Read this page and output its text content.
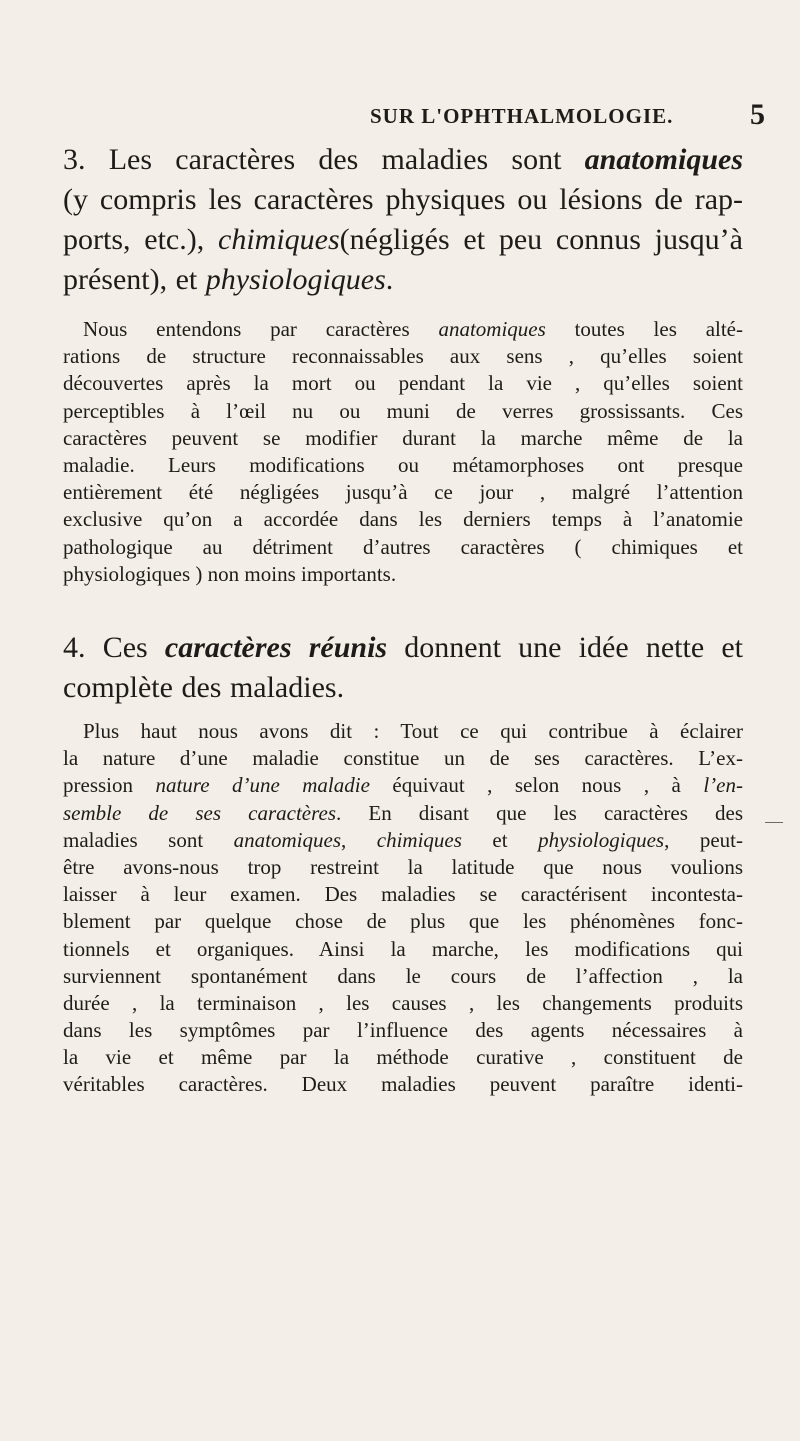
SUR L'OPHTHALMOLOGIE.	5
3. Les caractères des maladies sont anatomiques
(y compris les caractères physiques ou lésions de rap-
ports, etc.), chimiques(négligés et peu connus jusqu’à
présent), et physiologiques.
Nous entendons par caractères anatomiques toutes les alté-
rations de structure reconnaissables aux sens , qu’elles soient
découvertes après la mort ou pendant la vie , qu’elles soient
perceptibles à l’œil nu ou muni de verres grossissants. Ces
caractères peuvent se modifier durant la marche même de la
maladie. Leurs modifications ou métamorphoses ont presque
entièrement été négligées jusqu’à ce jour , malgré l’attention
exclusive qu’on a accordée dans les derniers temps à l’anatomie
pathologique au détriment d’autres caractères ( chimiques et
physiologiques ) non moins importants.
4. Ces caractères réunis donnent une idée nette et
complète des maladies.
Plus haut nous avons dit : Tout ce qui contribue à éclairer
la nature d’une maladie constitue un de ses caractères. L’ex-
pression nature d’une maladie équivaut , selon nous , à l’en-
semble de ses caractères. En disant que les caractères des
maladies sont anatomiques, chimiques et physiologiques, peut-
être avons-nous trop restreint la latitude que nous voulions
laisser à leur examen. Des maladies se caractérisent incontesta-
blement par quelque chose de plus que les phénomènes fonc-
tionnels et organiques. Ainsi la marche, les modifications qui
surviennent spontanément dans le cours de l’affection , la
durée , la terminaison , les causes , les changements produits
dans les symptômes par l’influence des agents nécessaires à
la vie et même par la méthode curative , constituent de
véritables caractères. Deux maladies peuvent paraître identi-
